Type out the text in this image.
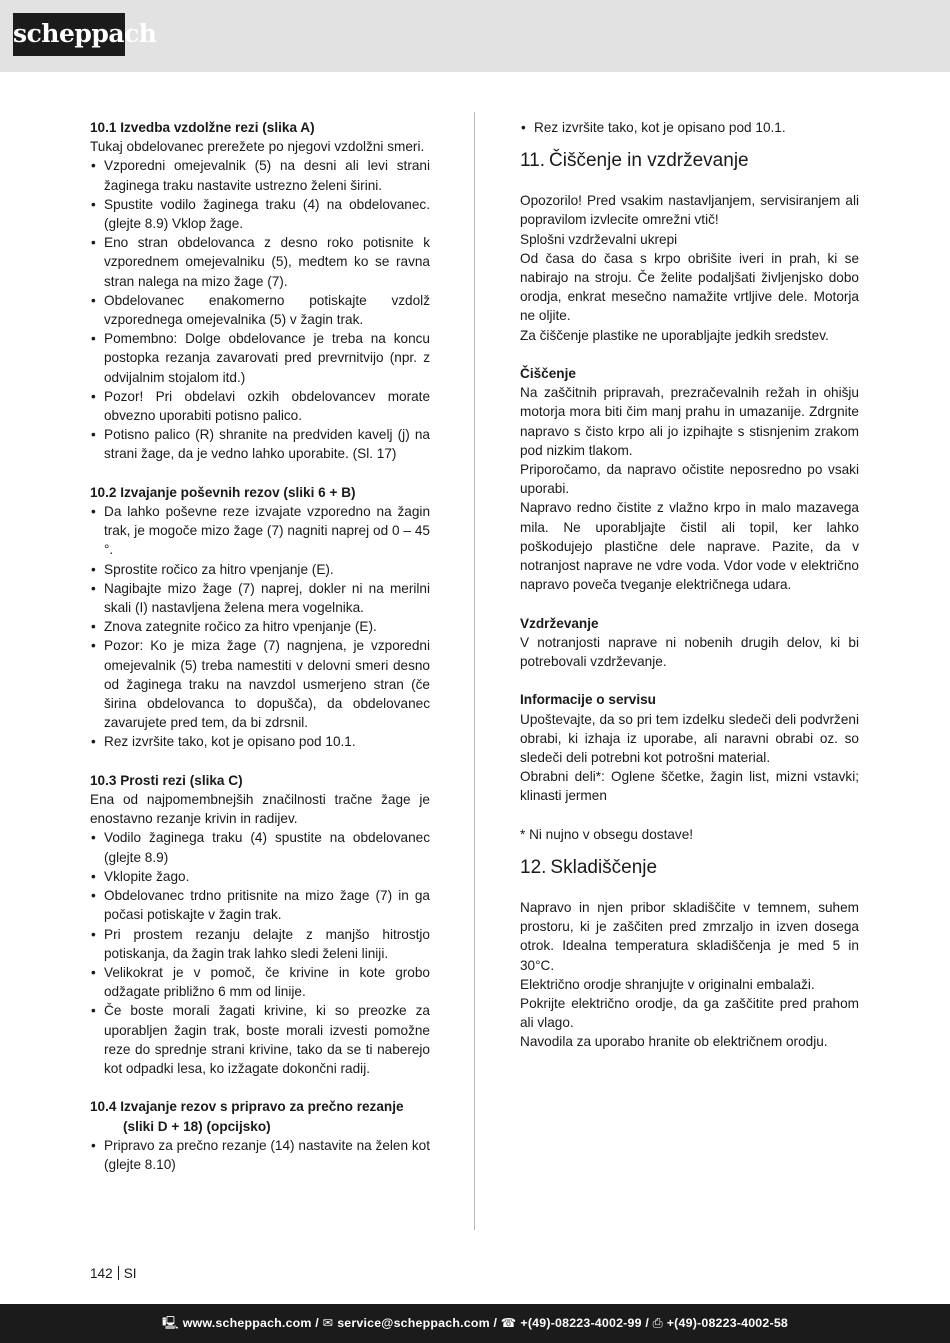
scheppach

10.1 Izvedba vzdolžne rezi (slika A)

Tukaj obdelovanec prerežete po njegovi vzdolžni smeri.

• Vzporedni omejevalnik (5) na desni ali levi strani žaginega traku nastavite ustrezno želeni širini.
• Spustite vodilo žaginega traku (4) na obdelovanec. (glejte 8.9) Vklop žage.
• Eno stran obdelovanca z desno roko potisnite k vzporednem omejevalniku (5), medtem ko se ravna stran nalega na mizo žage (7).
• Obdelovanec enakomerno potiskajte vzdolž vzporednega omejevalnika (5) v žagin trak.
• Pomembno: Dolge obdelovance je treba na koncu postopka rezanja zavarovati pred prevrnitvijo (npr. z odvijalnim stojalom itd.)
• Pozor! Pri obdelavi ozkih obdelovancev morate obvezno uporabiti potisno palico.
• Potisno palico (R) shranite na predviden kavelj (j) na strani žage, da je vedno lahko uporabite. (Sl. 17)

10.2 Izvajanje poševnih rezov (sliki 6 + B)

• Da lahko poševne reze izvajate vzporedno na žagin trak, je mogoče mizo žage (7) nagniti naprej od 0 – 45 °.
• Sprostite ročico za hitro vpenjanje (E).
• Nagibajte mizo žage (7) naprej, dokler ni na merilni skali (I) nastavljena želena mera vogelnika.
• Znova zategnite ročico za hitro vpenjanje (E).
• Pozor: Ko je miza žage (7) nagnjena, je vzporedni omejevalnik (5) treba namestiti v delovni smeri desno od žaginega traku na navzdol usmerjeno stran (če širina obdelovanca to dopušča), da obdelovanec zavarujete pred tem, da bi zdrsnil.
• Rez izvršite tako, kot je opisano pod 10.1.

10.3 Prosti rezi (slika C)

Ena od najpomembnejših značilnosti tračne žage je enostavno rezanje krivin in radijev.

• Vodilo žaginega traku (4) spustite na obdelovanec (glejte 8.9)
• Vklopite žago.
• Obdelovanec trdno pritisnite na mizo žage (7) in ga počasi potiskajte v žagin trak.
• Pri prostem rezanju delajte z manjšo hitrostjo potiskanja, da žagin trak lahko sledi želeni liniji.
• Velikokrat je v pomoč, če krivine in kote grobo odžagate približno 6 mm od linije.
• Če boste morali žagati krivine, ki so preozke za uporabljen žagin trak, boste morali izvesti pomožne reze do sprednje strani krivine, tako da se ti naberejo kot odpadki lesa, ko izžagate dokončni radij.

10.4 Izvajanje rezov s pripravo za prečno rezanje

(sliki D + 18) (opcijsko)

• Pripravo za prečno rezanje (14) nastavite na želen kot (glejte 8.10)
• Rez izvršite tako, kot je opisano pod 10.1.
11. Čiščenje in vzdrževanje

Opozorilo! Pred vsakim nastavljanjem, servisiranjem ali popravilom izvlecite omrežni vtič!

Splošni vzdrževalni ukrepi

Od časa do časa s krpo obrišite iveri in prah, ki se nabirajo na stroju. Če želite podaljšati življenjsko dobo orodja, enkrat mesečno namažite vrtljive dele. Motorja ne oljite.

Za čiščenje plastike ne uporabljajte jedkih sredstev.

Čiščenje

Na zaščitnih pripravah, prezračevalnih režah in ohišju motorja mora biti čim manj prahu in umazanije. Zdrgnite napravo s čisto krpo ali jo izpihajte s stisnjenim zrakom pod nizkim tlakom.

Priporočamo, da napravo očistite neposredno po vsaki uporabi.

Napravo redno čistite z vlažno krpo in malo mazavega mila. Ne uporabljajte čistil ali topil, ker lahko poškodujejo plastične dele naprave. Pazite, da v notranjost naprave ne vdre voda. Vdor vode v električno napravo poveča tveganje električnega udara.

Vzdrževanje

V notranjosti naprave ni nobenih drugih delov, ki bi potrebovali vzdrževanje.

Informacije o servisu

Upoštevajte, da so pri tem izdelku sledeči deli podvrženi obrabi, ki izhaja iz uporabe, ali naravni obrabi oz. so sledeči deli potrebni kot potrošni material.

Obrabni deli*: Oglene ščetke, žagin list, mizni vstavki; klinasti jermen

* Ni nujno v obsegu dostave!

12. Skladiščenje

Napravo in njen pribor skladiščite v temnem, suhem prostoru, ki je zaščiten pred zmrzaljo in izven dosega otrok. Idealna temperatura skladiščenja je med 5 in 30°C.

Električno orodje shranjujte v originalni embalaži.

Pokrijte električno orodje, da ga zaščitite pred prahom ali vlago.

Navodila za uporabo hranite ob električnem orodju.

142 SI
🖳 www.scheppach.com / ✉ service@scheppach.com / ☎ +(49)-08223-4002-99 / ⎙ +(49)-08223-4002-58
